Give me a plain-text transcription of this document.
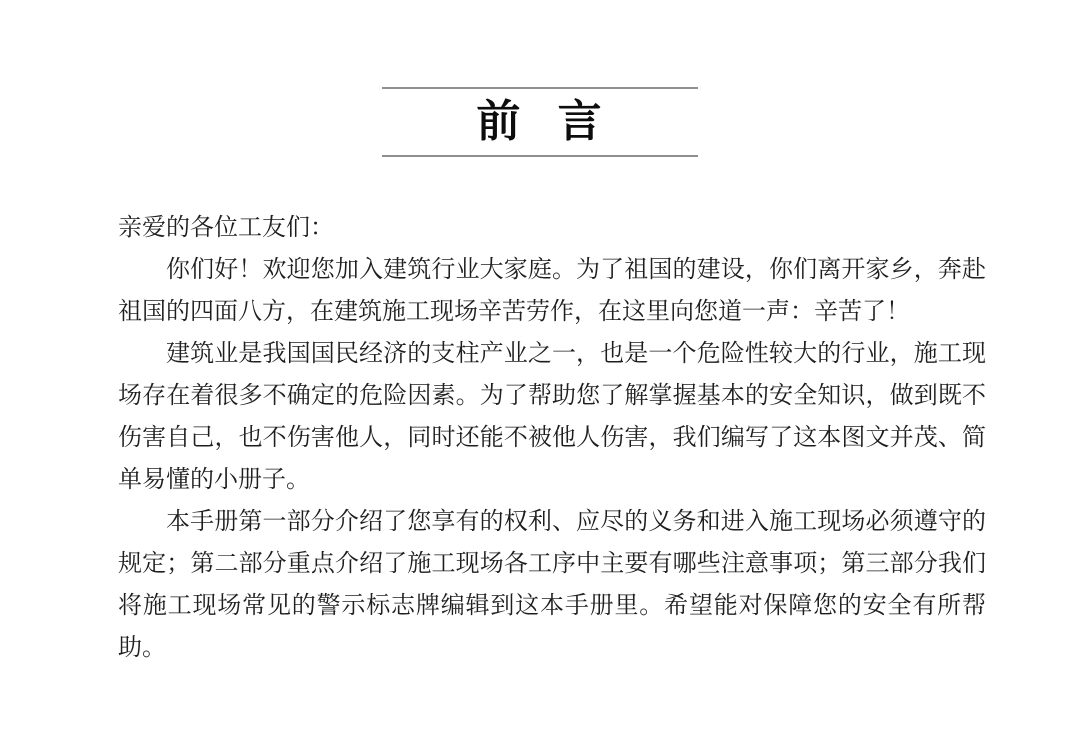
前 言

亲爱的各位工友们：

你们好！欢迎您加入建筑行业大家庭。为了祖国的建设，你们离开家乡，奔赴祖国的四面八方，在建筑施工现场辛苦劳作，在这里向您道一声：辛苦了！

建筑业是我国国民经济的支柱产业之一，也是一个危险性较大的行业，施工现场存在着很多不确定的危险因素。为了帮助您了解掌握基本的安全知识，做到既不伤害自己，也不伤害他人，同时还能不被他人伤害，我们编写了这本图文并茂、简单易懂的小册子。

本手册第一部分介绍了您享有的权利、应尽的义务和进入施工现场必须遵守的规定；第二部分重点介绍了施工现场各工序中主要有哪些注意事项；第三部分我们将施工现场常见的警示标志牌编辑到这本手册里。希望能对保障您的安全有所帮助。
